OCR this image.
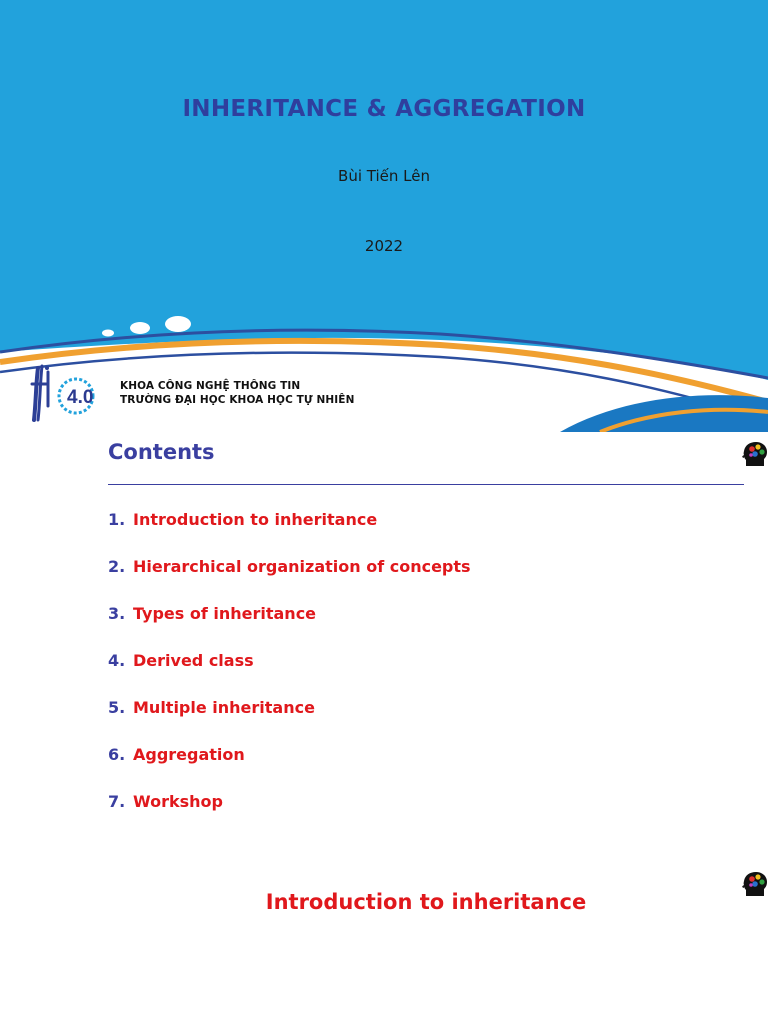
INHERITANCE & AGGREGATION
Bùi Tiến Lên
2022
4.0
KHOA CÔNG NGHỆ THÔNG TIN
TRƯỜNG ĐẠI HỌC KHOA HỌC TỰ NHIÊN
Contents
1. Introduction to inheritance
2. Hierarchical organization of concepts
3. Types of inheritance
4. Derived class
5. Multiple inheritance
6. Aggregation
7. Workshop
Introduction to inheritance
